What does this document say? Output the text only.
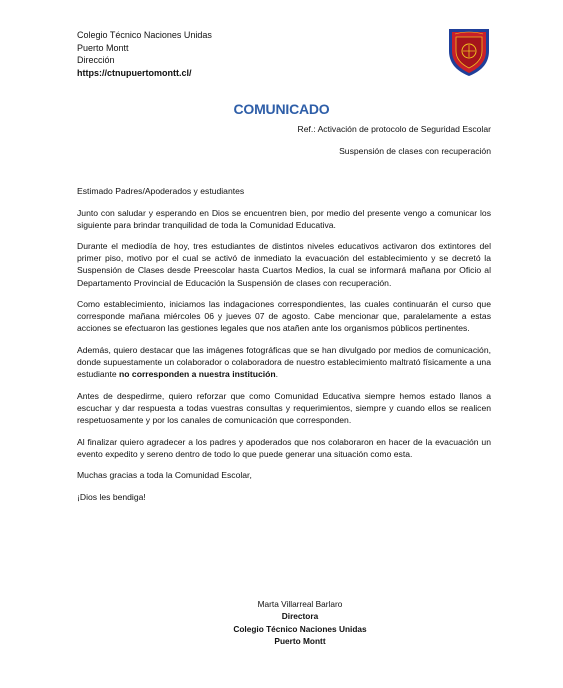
Colegio Técnico Naciones Unidas
Puerto Montt
Dirección
https://ctnupuertomontt.cl/
COMUNICADO
Ref.: Activación de protocolo de Seguridad Escolar
Suspensión de clases con recuperación

Estimado Padres/Apoderados y estudiantes

Junto con saludar y esperando en Dios se encuentren bien, por medio del presente vengo a comunicar los siguiente para brindar tranquilidad de toda la Comunidad Educativa.

Durante el mediodía de hoy, tres estudiantes de distintos niveles educativos activaron dos extintores del primer piso, motivo por el cual se activó de inmediato la evacuación del establecimiento y se decretó la Suspensión de Clases desde Preescolar hasta Cuartos Medios, la cual se informará mañana por Oficio al Departamento Provincial de Educación la Suspensión de clases con recuperación.

Como establecimiento, iniciamos las indagaciones correspondientes, las cuales continuarán el curso que corresponde mañana miércoles 06 y jueves 07 de agosto. Cabe mencionar que, paralelamente a estas acciones se efectuaron las gestiones legales que nos atañen ante los organismos públicos pertinentes.

Además, quiero destacar que las imágenes fotográficas que se han divulgado por medios de comunicación, donde supuestamente un colaborador o colaboradora de nuestro establecimiento maltrató físicamente a una estudiante no corresponden a nuestra institución.

Antes de despedirme, quiero reforzar que como Comunidad Educativa siempre hemos estado llanos a escuchar y dar respuesta a todas vuestras consultas y requerimientos, siempre y cuando ellos se realicen respetuosamente y por los canales de comunicación que corresponden.

Al finalizar quiero agradecer a los padres y apoderados que nos colaboraron en hacer de la evacuación un evento expedito y sereno dentro de todo lo que puede generar una situación como esta.

Muchas gracias a toda la Comunidad Escolar,

¡Dios les bendiga!

Marta Villarreal Barlaro
Directora
Colegio Técnico Naciones Unidas
Puerto Montt
